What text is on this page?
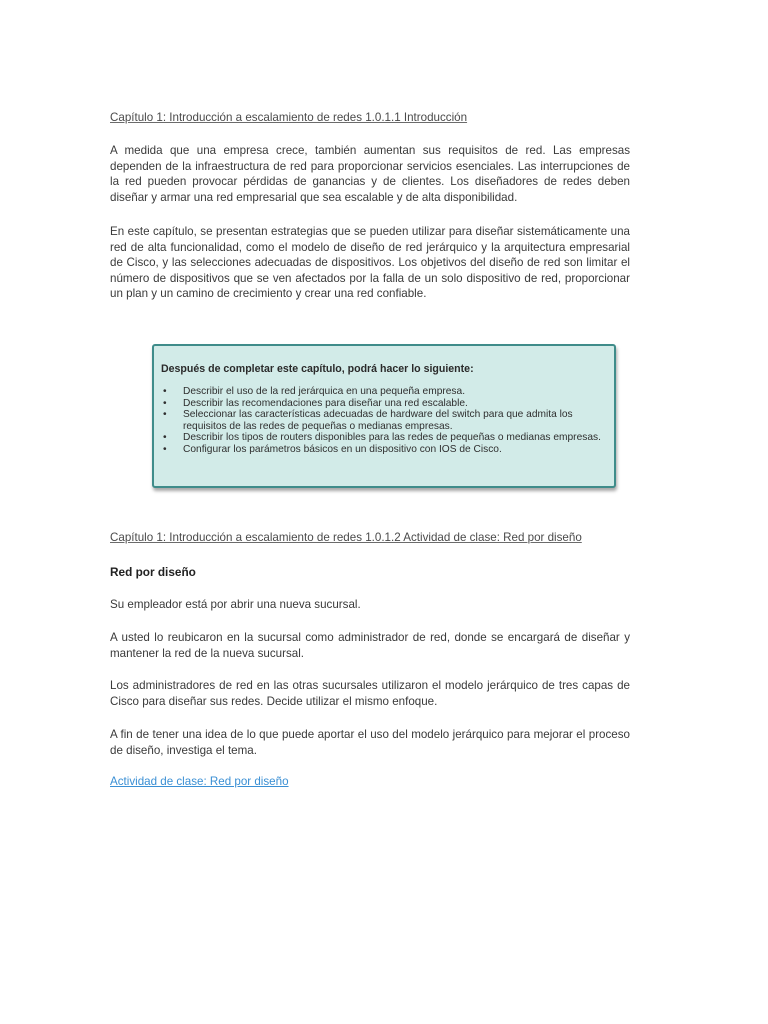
Capítulo 1: Introducción a escalamiento de redes 1.0.1.1 Introducción

A medida que una empresa crece, también aumentan sus requisitos de red. Las empresas dependen de la infraestructura de red para proporcionar servicios esenciales. Las interrupciones de la red pueden provocar pérdidas de ganancias y de clientes. Los diseñadores de redes deben diseñar y armar una red empresarial que sea escalable y de alta disponibilidad.

En este capítulo, se presentan estrategias que se pueden utilizar para diseñar sistemáticamente una red de alta funcionalidad, como el modelo de diseño de red jerárquico y la arquitectura empresarial de Cisco, y las selecciones adecuadas de dispositivos. Los objetivos del diseño de red son limitar el número de dispositivos que se ven afectados por la falla de un solo dispositivo de red, proporcionar un plan y un camino de crecimiento y crear una red confiable.

Después de completar este capítulo, podrá hacer lo siguiente:
• Describir el uso de la red jerárquica en una pequeña empresa.
• Describir las recomendaciones para diseñar una red escalable.
• Seleccionar las características adecuadas de hardware del switch para que admita los requisitos de las redes de pequeñas o medianas empresas.
• Describir los tipos de routers disponibles para las redes de pequeñas o medianas empresas.
• Configurar los parámetros básicos en un dispositivo con IOS de Cisco.
Capítulo 1: Introducción a escalamiento de redes 1.0.1.2 Actividad de clase: Red por diseño

Red por diseño

Su empleador está por abrir una nueva sucursal.

A usted lo reubicaron en la sucursal como administrador de red, donde se encargará de diseñar y mantener la red de la nueva sucursal.

Los administradores de red en las otras sucursales utilizaron el modelo jerárquico de tres capas de Cisco para diseñar sus redes. Decide utilizar el mismo enfoque.

A fin de tener una idea de lo que puede aportar el uso del modelo jerárquico para mejorar el proceso de diseño, investiga el tema.

Actividad de clase: Red por diseño
